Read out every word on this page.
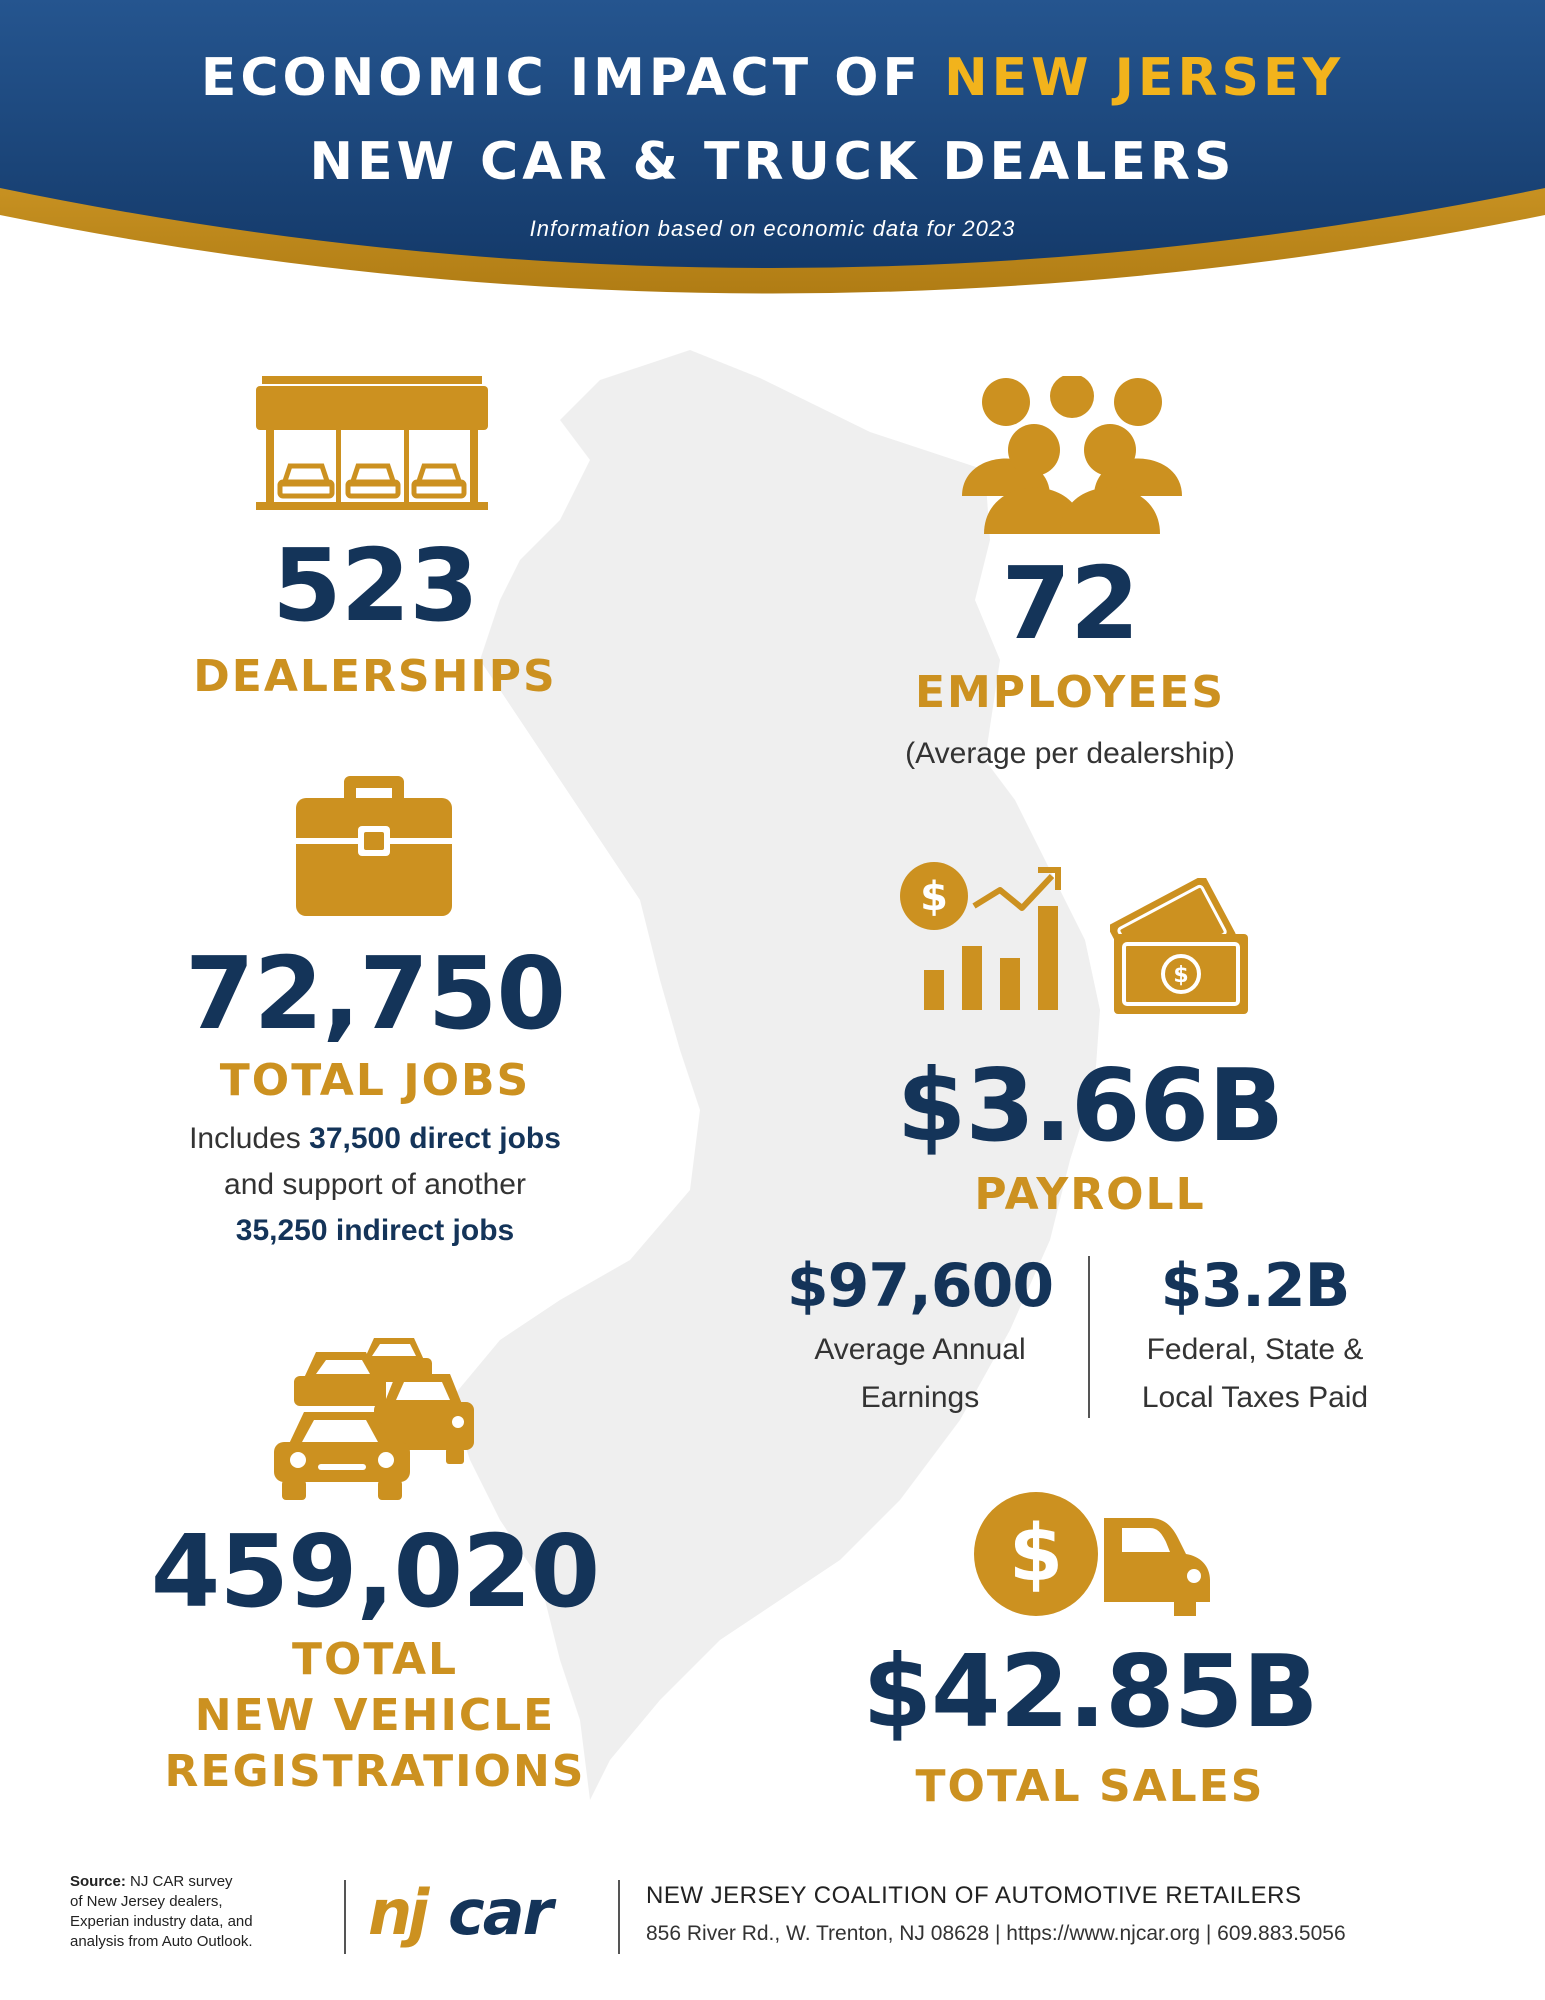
ECONOMIC IMPACT OF NEW JERSEY
NEW CAR & TRUCK DEALERS
Information based on economic data for 2023
523
DEALERSHIPS
72
EMPLOYEES
(Average per dealership)
72,750
TOTAL JOBS
Includes 37,500 direct jobs
and support of another
35,250 indirect jobs
$
$
$3.66B
PAYROLL
$97,600
Average Annual
Earnings
$3.2B
Federal, State &
Local Taxes Paid
459,020
TOTAL
NEW VEHICLE
REGISTRATIONS
$
$42.85B
TOTAL SALES
Source: NJ CAR survey
of New Jersey dealers,
Experian industry data, and
analysis from Auto Outlook.	nj car	NEW JERSEY COALITION OF AUTOMOTIVE RETAILERS
856 River Rd., W. Trenton, NJ 08628 | https://www.njcar.org | 609.883.5056
